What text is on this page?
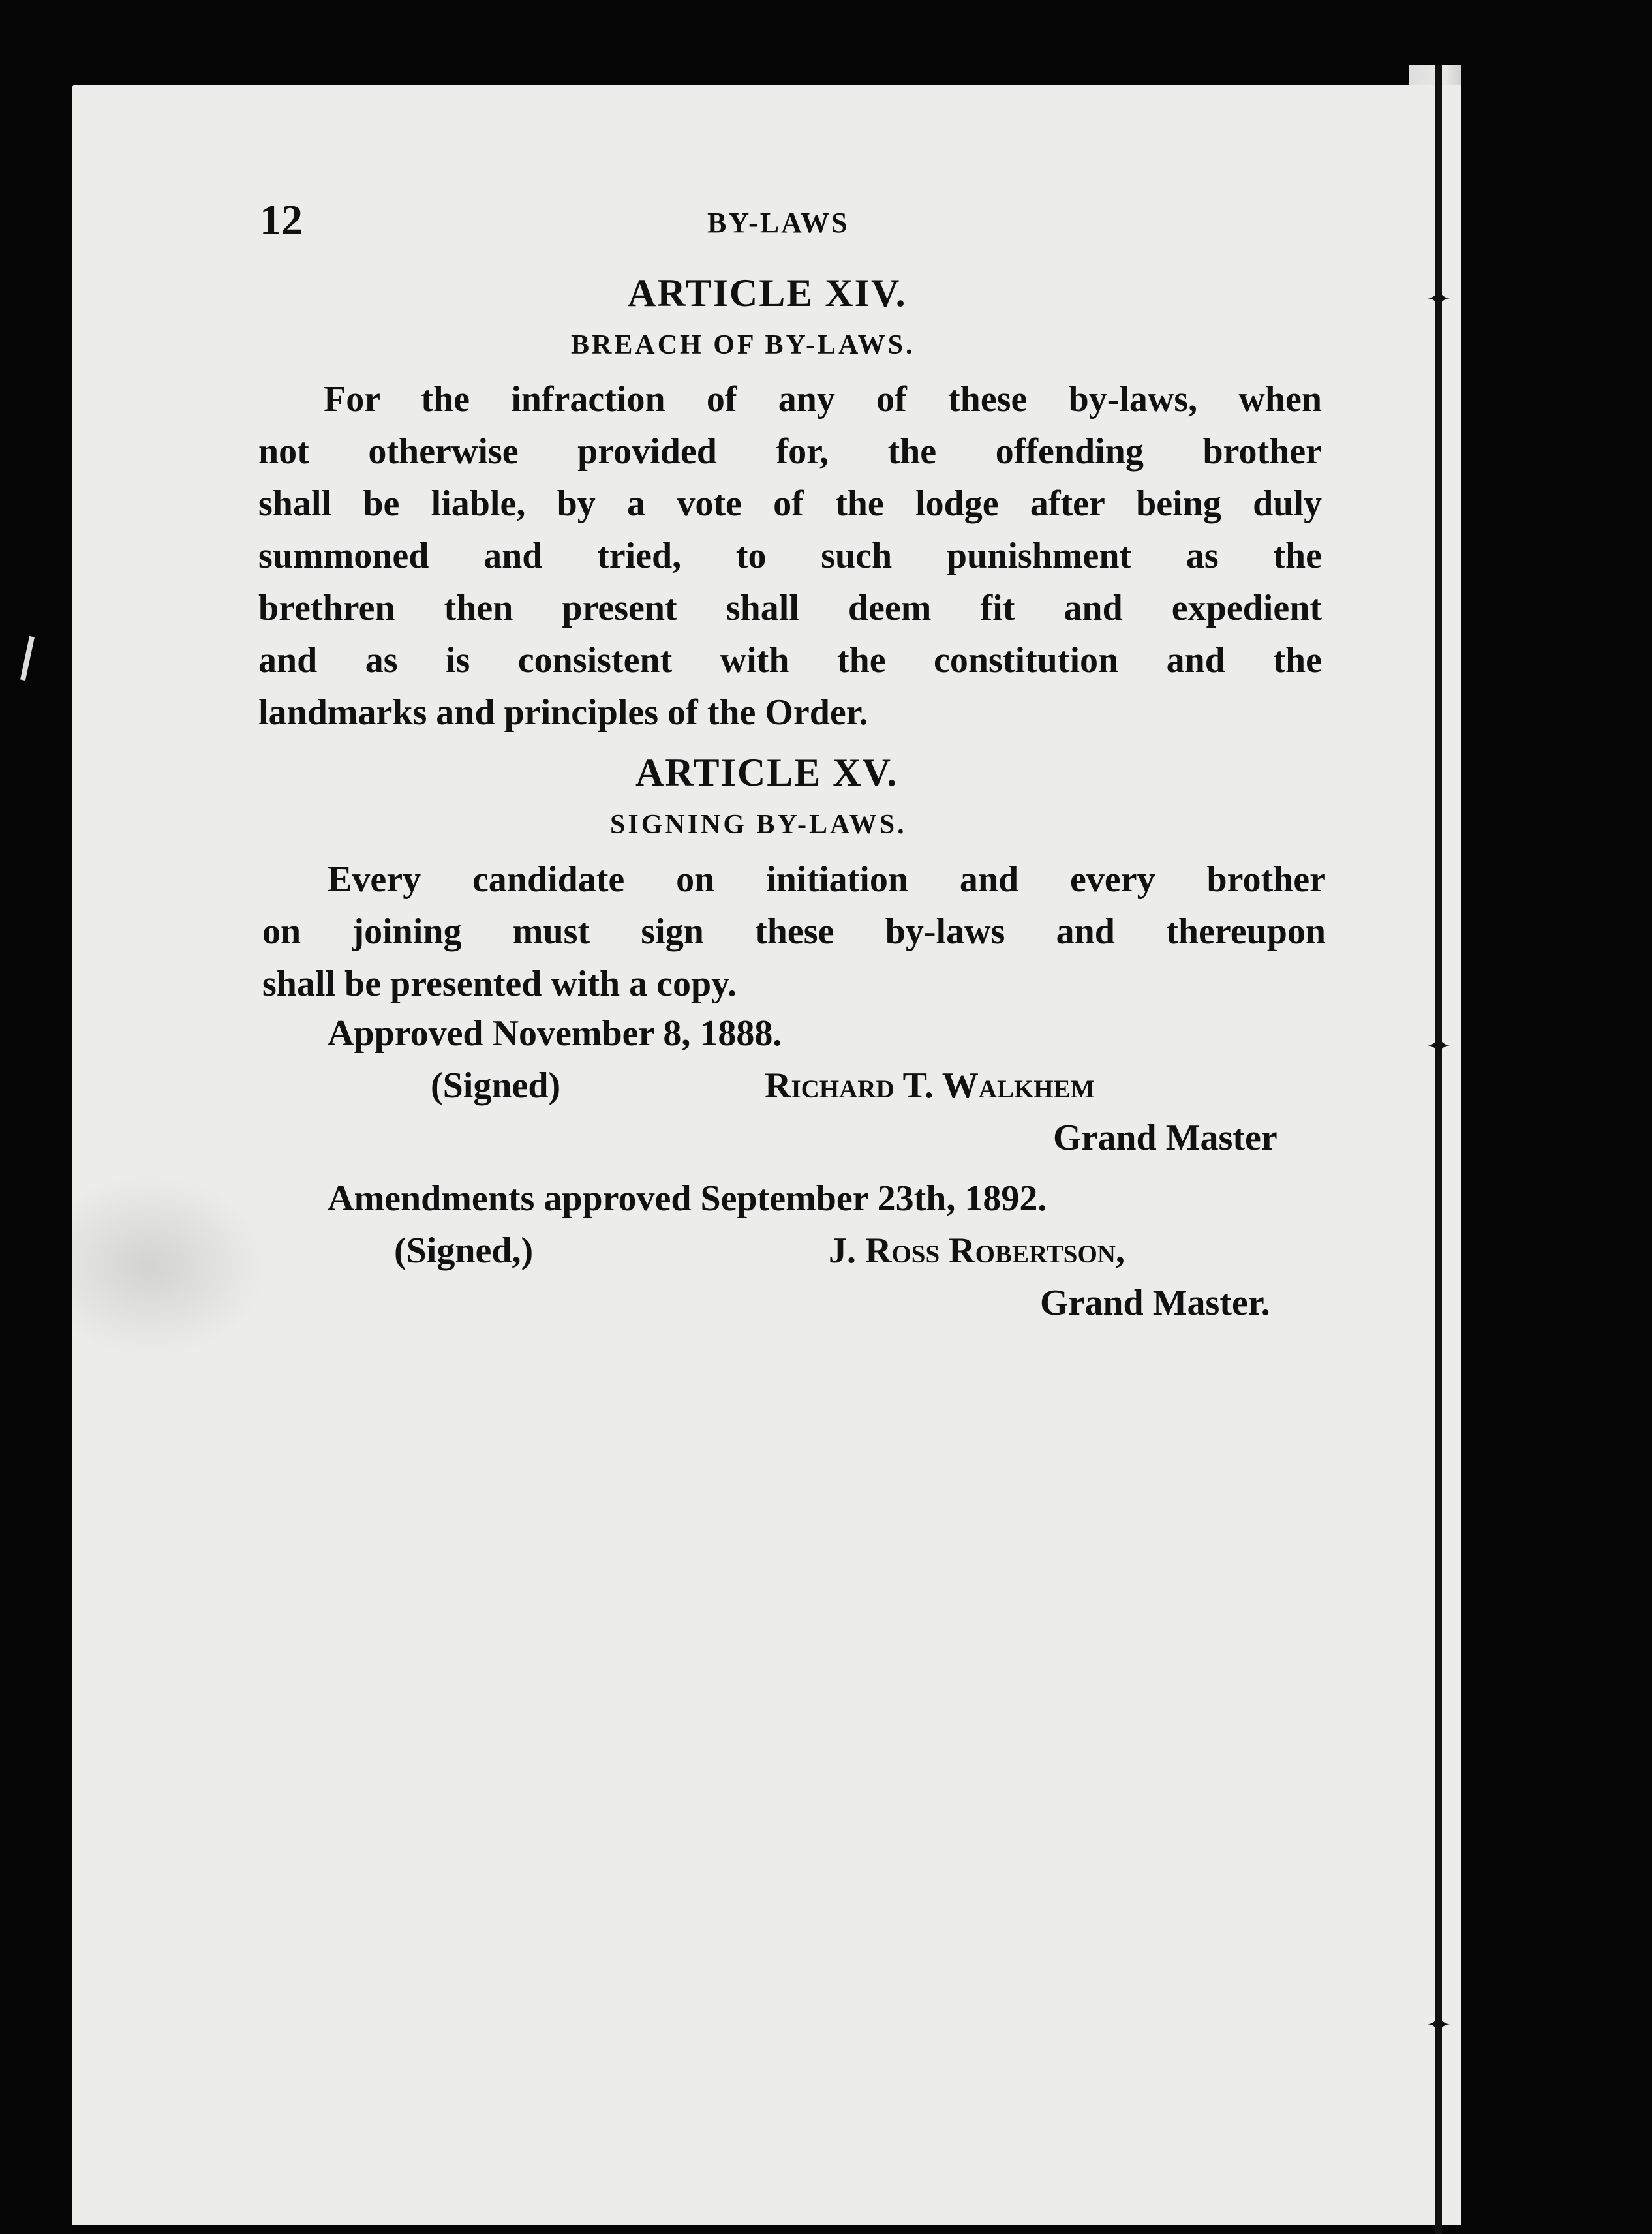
✦
✦
✦
12	BY-LAWS
ARTICLE XIV.
BREACH OF BY-LAWS.
For the infraction of any of these by-laws, when
not otherwise provided for, the offending brother
shall be liable, by a vote of the lodge after being duly
summoned and tried, to such punishment as the
brethren then present shall deem fit and expedient
and as is consistent with the constitution and the
landmarks and principles of the Order.
ARTICLE XV.
SIGNING BY-LAWS.
Every candidate on initiation and every brother
on joining must sign these by-laws and thereupon
shall be presented with a copy.
Approved November 8, 1888.
(Signed)	Richard T. Walkhem
Grand Master
Amendments approved September 23th, 1892.
(Signed,)	J. Ross Robertson,
Grand Master.
